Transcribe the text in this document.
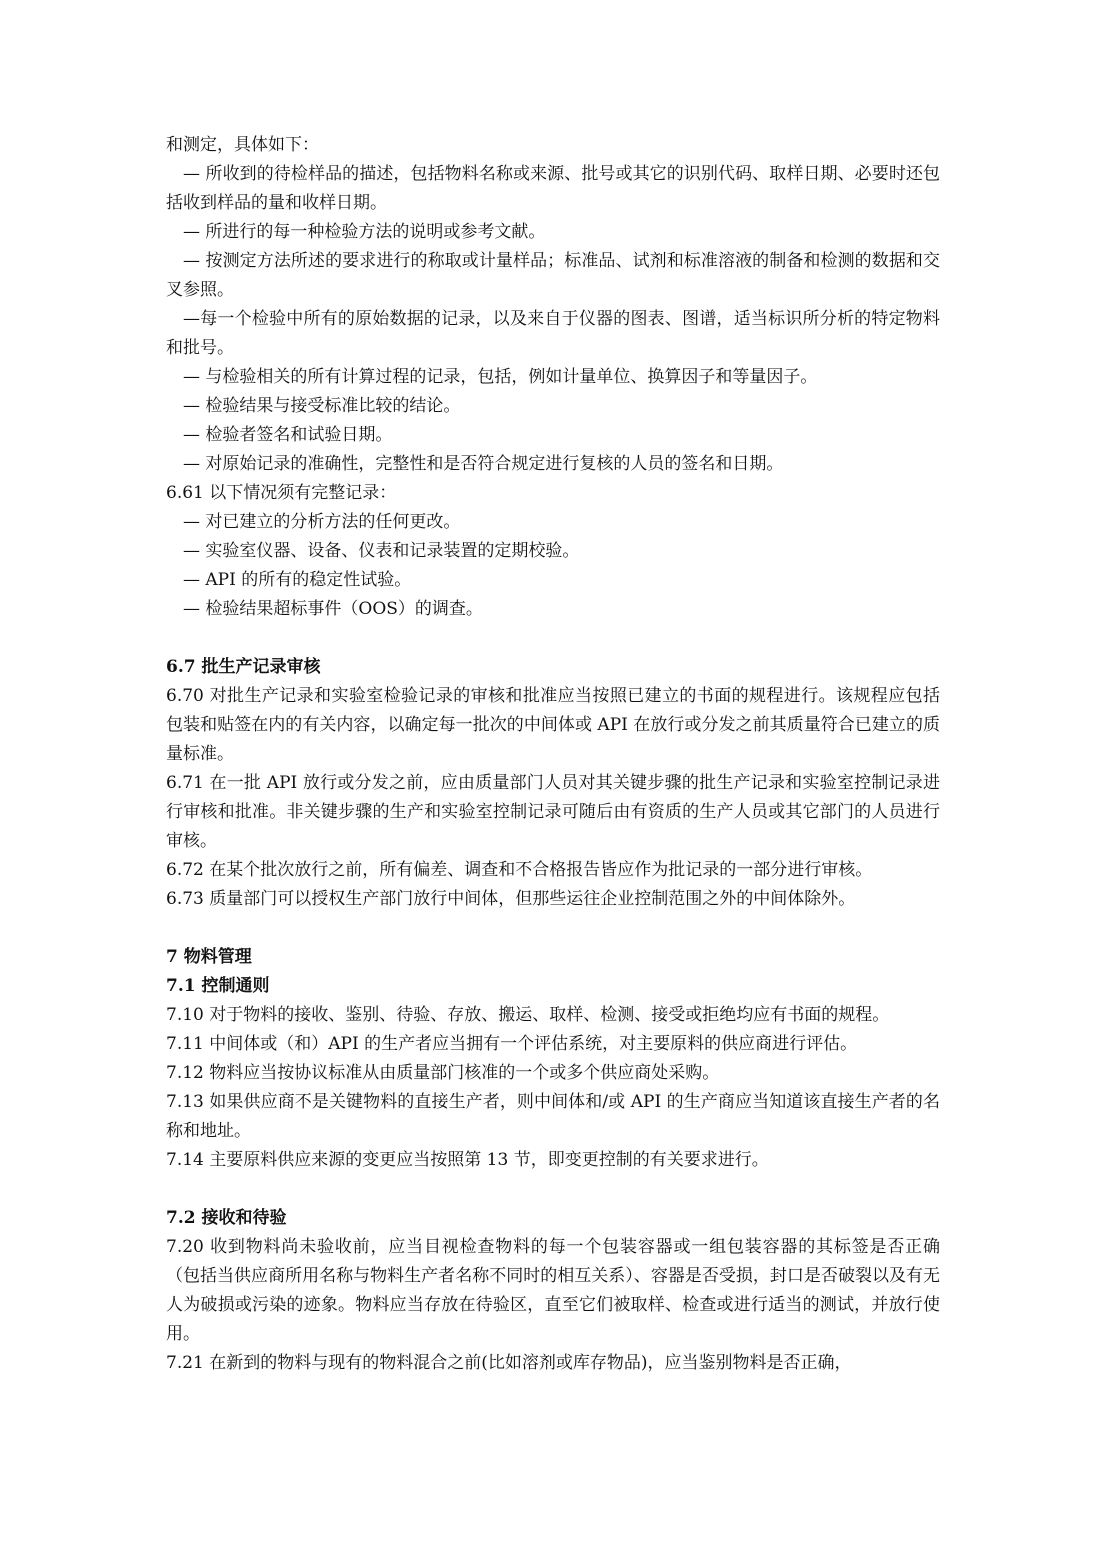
和测定，具体如下：

— 所收到的待检样品的描述，包括物料名称或来源、批号或其它的识别代码、取样日期、必要时还包括收到样品的量和收样日期。

— 所进行的每一种检验方法的说明或参考文献。

— 按测定方法所述的要求进行的称取或计量样品；标准品、试剂和标准溶液的制备和检测的数据和交叉参照。

—每一个检验中所有的原始数据的记录，以及来自于仪器的图表、图谱，适当标识所分析的特定物料和批号。

— 与检验相关的所有计算过程的记录，包括，例如计量单位、换算因子和等量因子。

— 检验结果与接受标准比较的结论。

— 检验者签名和试验日期。

— 对原始记录的准确性，完整性和是否符合规定进行复核的人员的签名和日期。

6.61 以下情况须有完整记录：

— 对已建立的分析方法的任何更改。

— 实验室仪器、设备、仪表和记录装置的定期校验。

— API 的所有的稳定性试验。

— 检验结果超标事件（OOS）的调查。

6.7 批生产记录审核

6.70 对批生产记录和实验室检验记录的审核和批准应当按照已建立的书面的规程进行。该规程应包括包装和贴签在内的有关内容，以确定每一批次的中间体或 API 在放行或分发之前其质量符合已建立的质量标准。

6.71 在一批 API 放行或分发之前，应由质量部门人员对其关键步骤的批生产记录和实验室控制记录进行审核和批准。非关键步骤的生产和实验室控制记录可随后由有资质的生产人员或其它部门的人员进行审核。

6.72 在某个批次放行之前，所有偏差、调查和不合格报告皆应作为批记录的一部分进行审核。

6.73 质量部门可以授权生产部门放行中间体，但那些运往企业控制范围之外的中间体除外。

7 物料管理

7.1 控制通则

7.10 对于物料的接收、鉴别、待验、存放、搬运、取样、检测、接受或拒绝均应有书面的规程。

7.11 中间体或（和）API 的生产者应当拥有一个评估系统，对主要原料的供应商进行评估。

7.12 物料应当按协议标准从由质量部门核准的一个或多个供应商处采购。

7.13 如果供应商不是关键物料的直接生产者，则中间体和/或 API 的生产商应当知道该直接生产者的名称和地址。

7.14 主要原料供应来源的变更应当按照第 13 节，即变更控制的有关要求进行。

7.2 接收和待验

7.20 收到物料尚未验收前，应当目视检查物料的每一个包装容器或一组包装容器的其标签是否正确（包括当供应商所用名称与物料生产者名称不同时的相互关系）、容器是否受损，封口是否破裂以及有无人为破损或污染的迹象。物料应当存放在待验区，直至它们被取样、检查或进行适当的测试，并放行使用。

7.21 在新到的物料与现有的物料混合之前(比如溶剂或库存物品)，应当鉴别物料是否正确，
